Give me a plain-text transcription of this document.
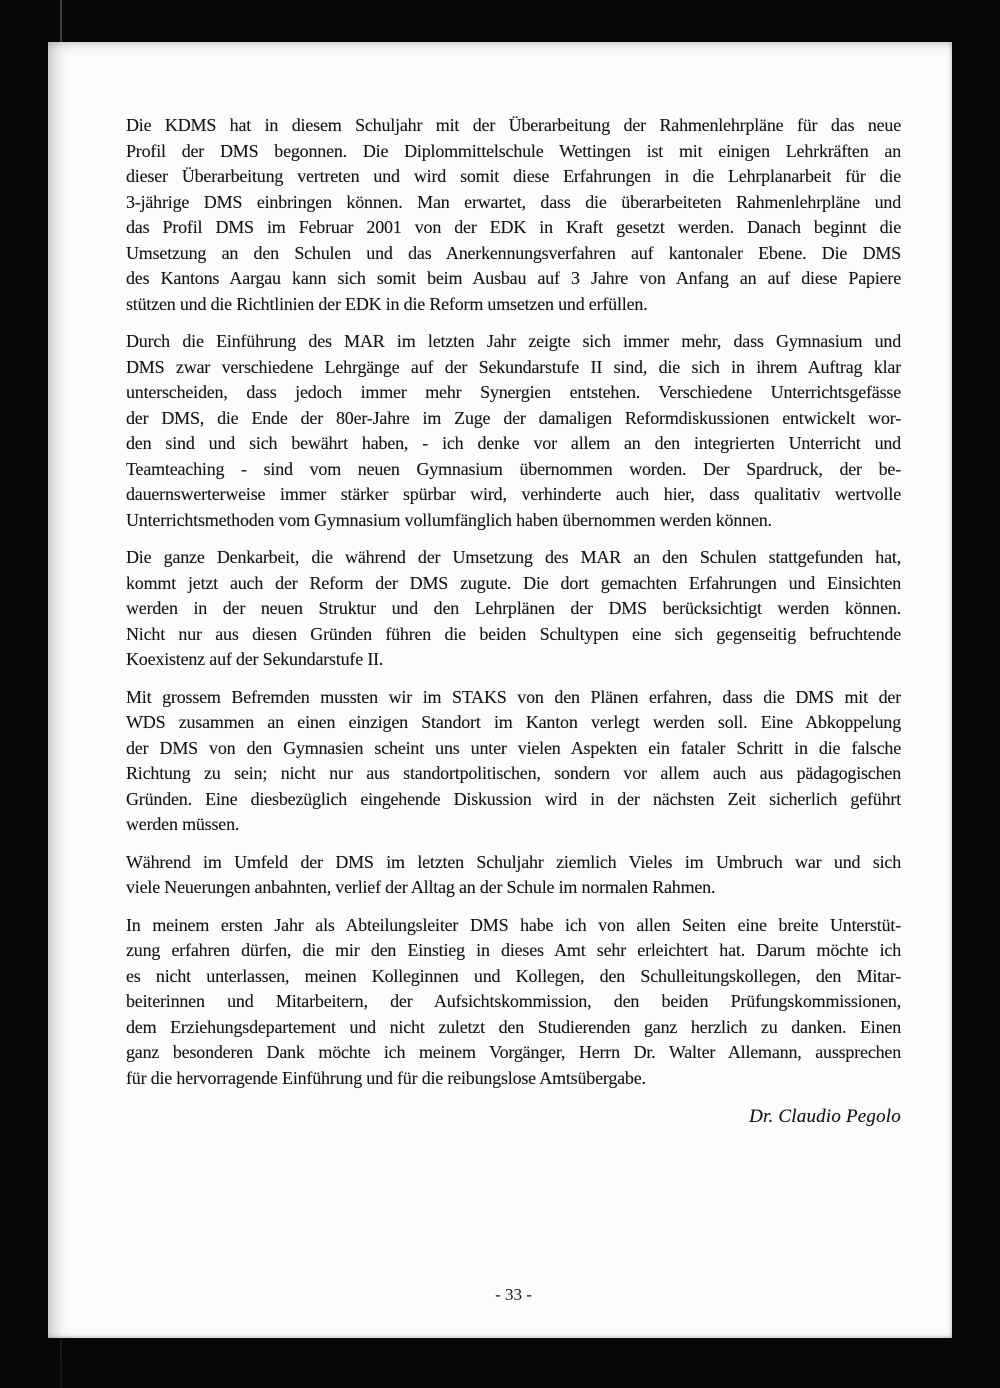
Die KDMS hat in diesem Schuljahr mit der Überarbeitung der Rahmenlehrpläne für das neue
Profil der DMS begonnen. Die Diplommittelschule Wettingen ist mit einigen Lehrkräften an
dieser Überarbeitung vertreten und wird somit diese Erfahrungen in die Lehrplanarbeit für die
3-jährige DMS einbringen können. Man erwartet, dass die überarbeiteten Rahmenlehrpläne und
das Profil DMS im Februar 2001 von der EDK in Kraft gesetzt werden. Danach beginnt die
Umsetzung an den Schulen und das Anerkennungsverfahren auf kantonaler Ebene. Die DMS
des Kantons Aargau kann sich somit beim Ausbau auf 3 Jahre von Anfang an auf diese Papiere
stützen und die Richtlinien der EDK in die Reform umsetzen und erfüllen.
Durch die Einführung des MAR im letzten Jahr zeigte sich immer mehr, dass Gymnasium und
DMS zwar verschiedene Lehrgänge auf der Sekundarstufe II sind, die sich in ihrem Auftrag klar
unterscheiden, dass jedoch immer mehr Synergien entstehen. Verschiedene Unterrichtsgefässe
der DMS, die Ende der 80er-Jahre im Zuge der damaligen Reformdiskussionen entwickelt wor-
den sind und sich bewährt haben, - ich denke vor allem an den integrierten Unterricht und
Teamteaching - sind vom neuen Gymnasium übernommen worden. Der Spardruck, der be-
dauernswerterweise immer stärker spürbar wird, verhinderte auch hier, dass qualitativ wertvolle
Unterrichtsmethoden vom Gymnasium vollumfänglich haben übernommen werden können.
Die ganze Denkarbeit, die während der Umsetzung des MAR an den Schulen stattgefunden hat,
kommt jetzt auch der Reform der DMS zugute. Die dort gemachten Erfahrungen und Einsichten
werden in der neuen Struktur und den Lehrplänen der DMS berücksichtigt werden können.
Nicht nur aus diesen Gründen führen die beiden Schultypen eine sich gegenseitig befruchtende
Koexistenz auf der Sekundarstufe II.
Mit grossem Befremden mussten wir im STAKS von den Plänen erfahren, dass die DMS mit der
WDS zusammen an einen einzigen Standort im Kanton verlegt werden soll. Eine Abkoppelung
der DMS von den Gymnasien scheint uns unter vielen Aspekten ein fataler Schritt in die falsche
Richtung zu sein; nicht nur aus standortpolitischen, sondern vor allem auch aus pädagogischen
Gründen. Eine diesbezüglich eingehende Diskussion wird in der nächsten Zeit sicherlich geführt
werden müssen.
Während im Umfeld der DMS im letzten Schuljahr ziemlich Vieles im Umbruch war und sich
viele Neuerungen anbahnten, verlief der Alltag an der Schule im normalen Rahmen.
In meinem ersten Jahr als Abteilungsleiter DMS habe ich von allen Seiten eine breite Unterstüt-
zung erfahren dürfen, die mir den Einstieg in dieses Amt sehr erleichtert hat. Darum möchte ich
es nicht unterlassen, meinen Kolleginnen und Kollegen, den Schulleitungskollegen, den Mitar-
beiterinnen und Mitarbeitern, der Aufsichtskommission, den beiden Prüfungskommissionen,
dem Erziehungsdepartement und nicht zuletzt den Studierenden ganz herzlich zu danken. Einen
ganz besonderen Dank möchte ich meinem Vorgänger, Herrn Dr. Walter Allemann, aussprechen
für die hervorragende Einführung und für die reibungslose Amtsübergabe.
Dr. Claudio Pegolo
- 33 -
